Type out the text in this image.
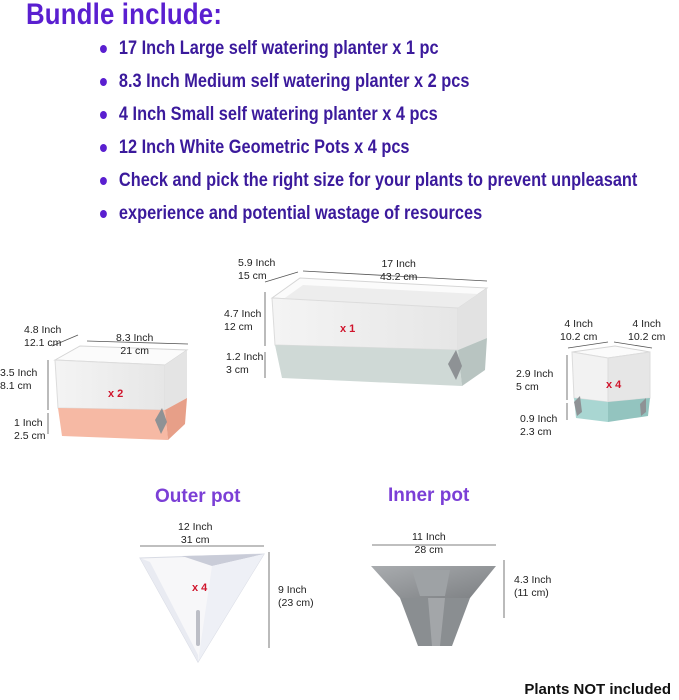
Bundle include:
17 Inch Large self watering planter x 1 pc
8.3 Inch Medium self watering planter x 2 pcs
4 Inch Small self watering planter x 4 pcs
12 Inch White Geometric Pots x 4 pcs
Check and pick the right size for your plants to prevent unpleasant
experience and potential wastage of resources
5.9 Inch
15 cm
17 Inch
43.2 cm
4.7 Inch
12 cm
1.2 Inch
3 cm
x 1
4.8 Inch
12.1 cm	8.3 Inch
21 cm
3.5 Inch
8.1 cm
1 Inch
2.5 cm
x 2
4 Inch
10.2 cm
4 Inch
10.2 cm
2.9 Inch
5 cm
0.9 Inch
2.3 cm
x 4
Outer pot
12 Inch
31 cm
9 Inch
(23 cm)
x 4
Inner pot
11 Inch
28 cm
4.3 Inch
(11 cm)
Plants NOT included
